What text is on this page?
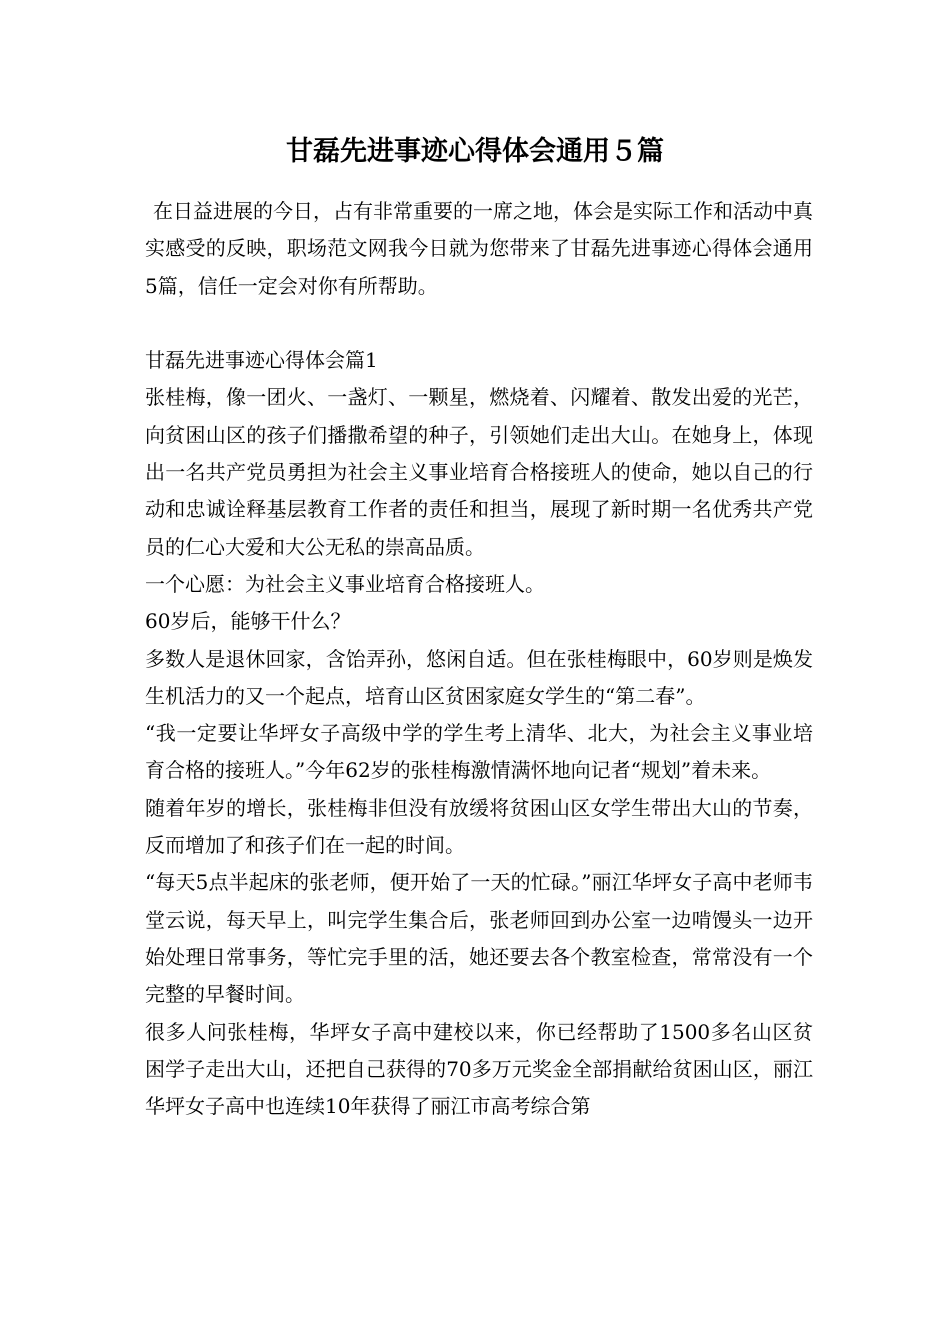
甘磊先进事迹心得体会通用５篇

在日益进展的今日，占有非常重要的一席之地，体会是实际工作和活动中真实感受的反映，职场范文网我今日就为您带来了甘磊先进事迹心得体会通用5篇，信任一定会对你有所帮助。

甘磊先进事迹心得体会篇1

张桂梅，像一团火、一盏灯、一颗星，燃烧着、闪耀着、散发出爱的光芒，向贫困山区的孩子们播撒希望的种子，引领她们走出大山。在她身上，体现出一名共产党员勇担为社会主义事业培育合格接班人的使命，她以自己的行动和忠诚诠释基层教育工作者的责任和担当，展现了新时期一名优秀共产党员的仁心大爱和大公无私的崇高品质。

一个心愿：为社会主义事业培育合格接班人。

60岁后，能够干什么？

多数人是退休回家，含饴弄孙，悠闲自适。但在张桂梅眼中，60岁则是焕发生机活力的又一个起点，培育山区贫困家庭女学生的“第二春”。

“我一定要让华坪女子高级中学的学生考上清华、北大，为社会主义事业培育合格的接班人。”今年62岁的张桂梅激情满怀地向记者“规划”着未来。

随着年岁的增长，张桂梅非但没有放缓将贫困山区女学生带出大山的节奏，反而增加了和孩子们在一起的时间。

“每天5点半起床的张老师，便开始了一天的忙碌。”丽江华坪女子高中老师韦堂云说，每天早上，叫完学生集合后，张老师回到办公室一边啃馒头一边开始处理日常事务，等忙完手里的活，她还要去各个教室检查，常常没有一个完整的早餐时间。

很多人问张桂梅，华坪女子高中建校以来，你已经帮助了1500多名山区贫困学子走出大山，还把自己获得的70多万元奖金全部捐献给贫困山区，丽江华坪女子高中也连续10年获得了丽江市高考综合第
